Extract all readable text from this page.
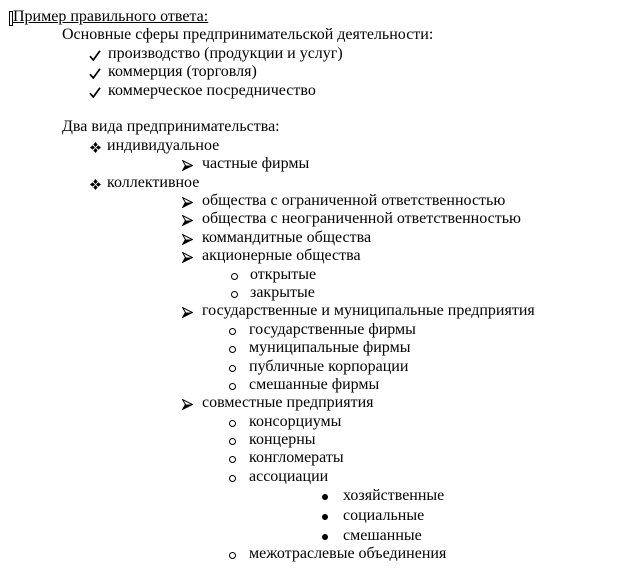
Пример правильного ответа:
Основные сферы предпринимательской деятельности:
производство (продукции и услуг)
коммерция (торговля)
коммерческое посредничество
Два вида предпринимательства:
индивидуальное
частные фирмы
коллективное
общества с ограниченной ответственностью
общества с неограниченной ответственностью
коммандитные общества
акционерные общества
открытые
закрытые
государственные и муниципальные предприятия
государственные фирмы
муниципальные фирмы
публичные корпорации
смешанные фирмы
совместные предприятия
консорциумы
концерны
конгломераты
ассоциации
хозяйственные
социальные
смешанные
межотраслевые объединения
